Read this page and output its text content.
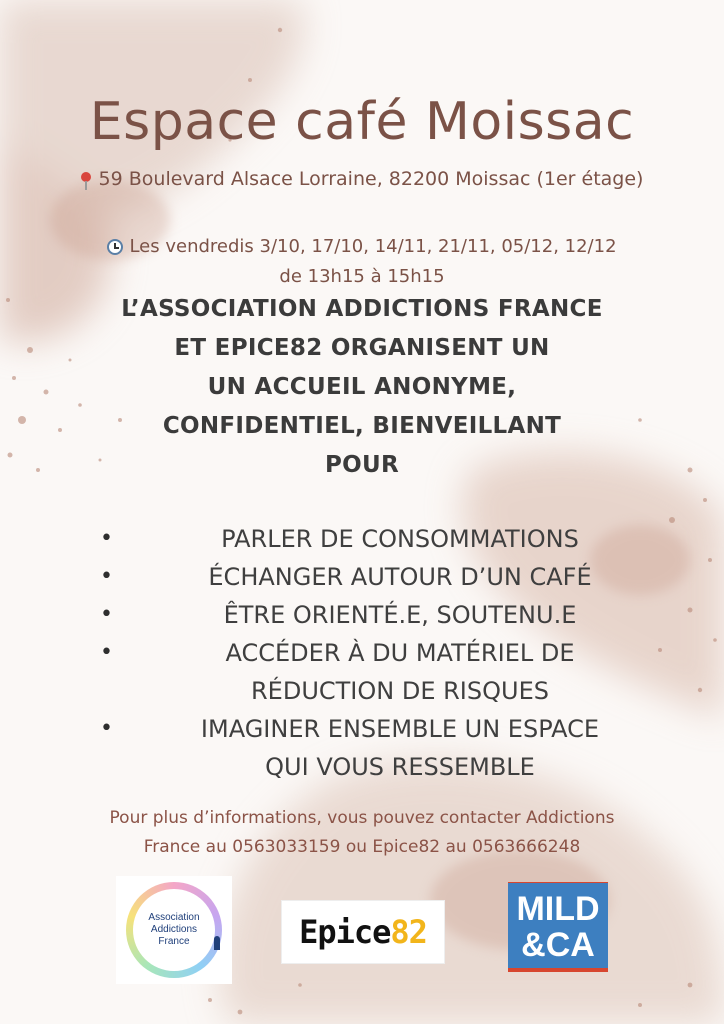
Espace café Moissac
59 Boulevard Alsace Lorraine, 82200 Moissac (1er étage)
Les vendredis 3/10, 17/10, 14/11, 21/11, 05/12, 12/12
de 13h15 à 15h15
L’ASSOCIATION ADDICTIONS FRANCE
ET EPICE82 ORGANISENT UN
UN ACCUEIL ANONYME,
CONFIDENTIEL, BIENVEILLANT
POUR
•	PARLER DE CONSOMMATIONS
•	ÉCHANGER AUTOUR D’UN CAFÉ
•	ÊTRE ORIENTÉ.E, SOUTENU.E
•	ACCÉDER À DU MATÉRIEL DE
RÉDUCTION DE RISQUES
•	IMAGINER ENSEMBLE UN ESPACE
QUI VOUS RESSEMBLE
Pour plus d’informations, vous pouvez contacter Addictions
France au 0563033159 ou Epice82 au 0563666248
Association
Addictions
France	Epice 82
MILD
&CA
